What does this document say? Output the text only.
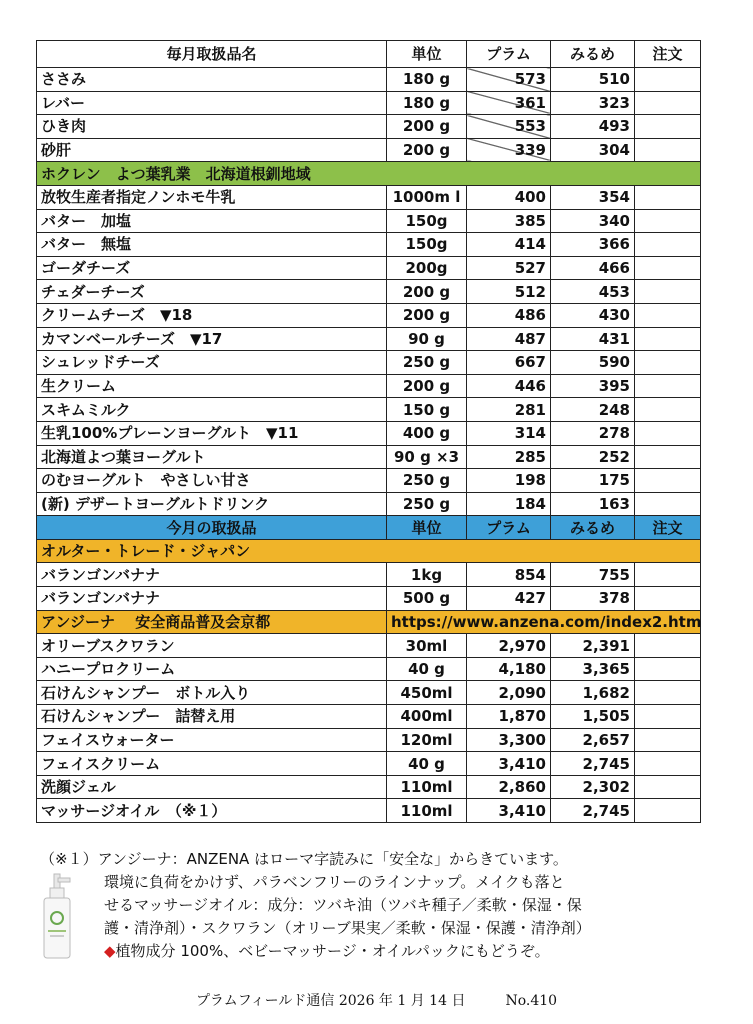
毎月取扱品名	単位	プラム	みるめ	注文
ささみ	180 g	573	510	
レバー	180 g	361	323	
ひき肉	200 g	553	493	
砂肝	200 g	339	304	
ホクレン　よつ葉乳業　北海道根釧地域				
放牧生産者指定ノンホモ牛乳	1000m l	400	354	
バター　加塩	150g	385	340	
バター　無塩	150g	414	366	
ゴーダチーズ	200g	527	466	
チェダーチーズ	200 g	512	453	
クリームチーズ　▼18	200 g	486	430	
カマンベールチーズ　▼17	90 g	487	431	
シュレッドチーズ	250 g	667	590	
生クリーム	200 g	446	395	
スキムミルク	150 g	281	248	
生乳100%プレーンヨーグルト　▼11	400 g	314	278	
北海道よつ葉ヨーグルト	90 g ×3	285	252	
のむヨーグルト　やさしい甘さ	250 g	198	175	
(新) デザートヨーグルトドリンク	250 g	184	163	
今月の取扱品	単位	プラム	みるめ	注文
オルター・トレード・ジャパン				
バランゴンバナナ	1kg	854	755	
バランゴンバナナ	500 g	427	378	
アンジーナ　 安全商品普及会京都	https://www.anzena.com/index2.htm			
オリーブスクワラン	30ml	2,970	2,391	
ハニープロクリーム	40 g	4,180	3,365	
石けんシャンプー　ボトル入り	450ml	2,090	1,682	
石けんシャンプー　詰替え用	400ml	1,870	1,505	
フェイスウォーター	120ml	3,300	2,657	
フェイスクリーム	40 g	3,410	2,745	
洗顔ジェル	110ml	2,860	2,302	
マッサージオイル　（※１）	110ml	3,410	2,745	
（※１）アンジーナ：ANZENA はローマ字読みに「安全な」からきています。
環境に負荷をかけず、パラベンフリーのラインナップ。メイクも落と
せるマッサージオイル：成分：ツバキ油（ツバキ種子／柔軟・保湿・保
護・清浄剤）・スクワラン（オリーブ果実／柔軟・保湿・保護・清浄剤）
◆植物成分 100%、ベビーマッサージ・オイルパックにもどうぞ。
プラムフィールド通信 2026 年 1 月 14 日	No.410
